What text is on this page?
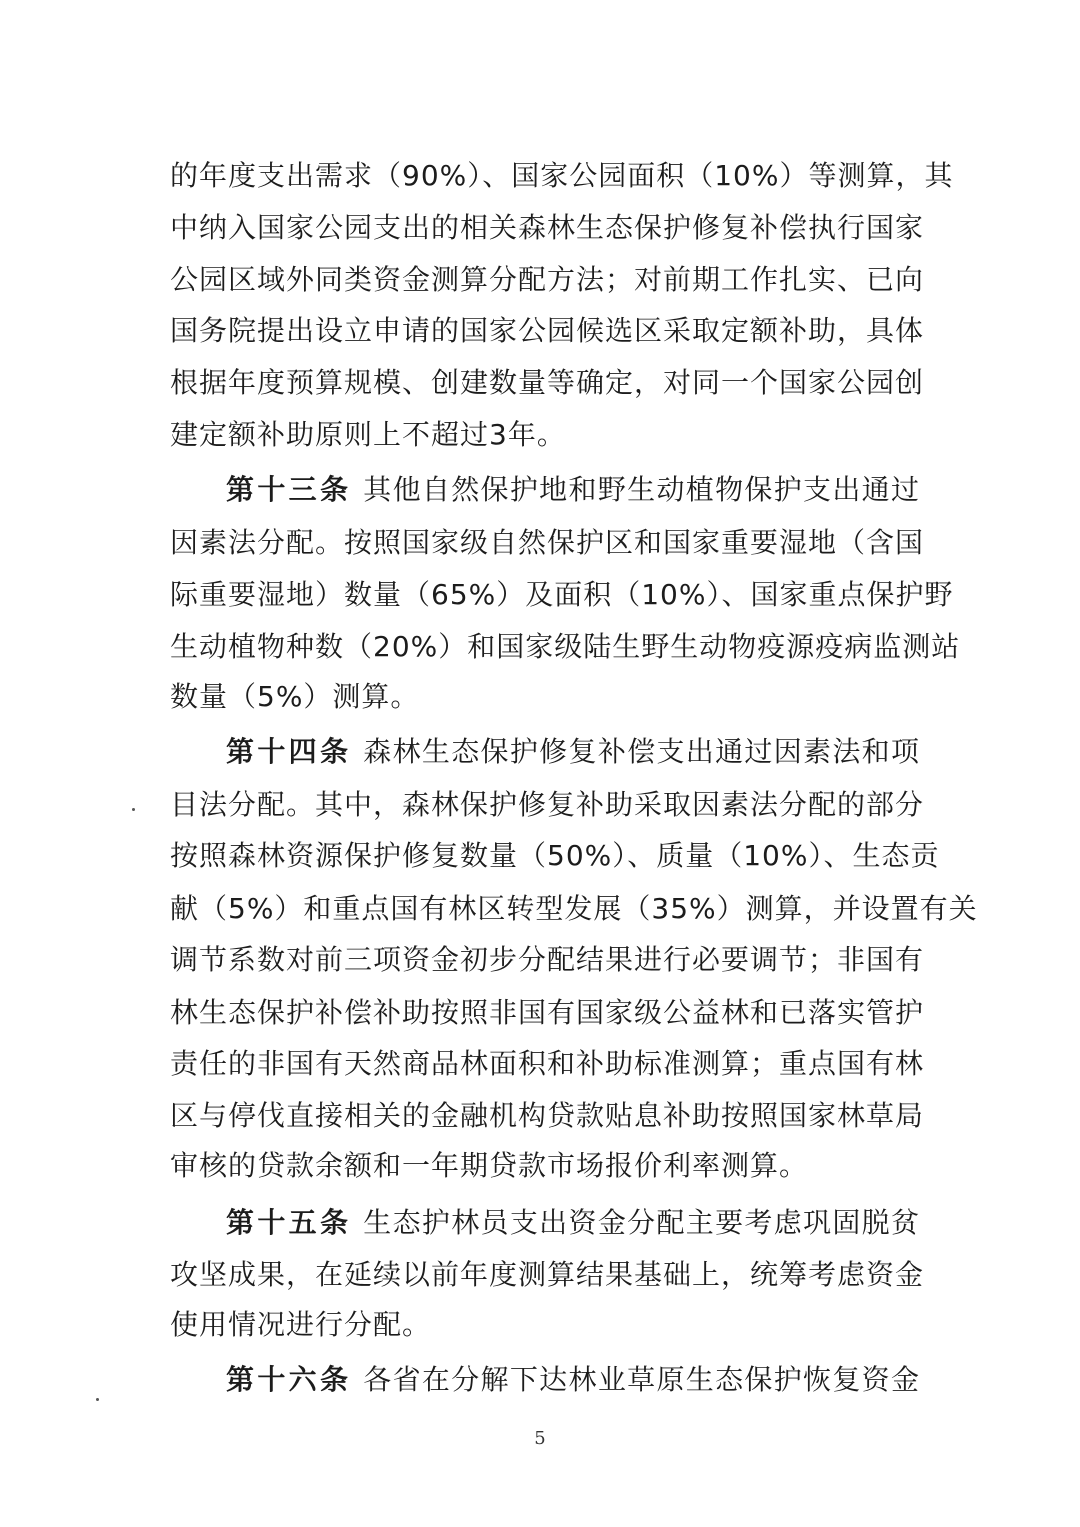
的年度支出需求（90%）、国家公园面积（10%）等测算，其
中纳入国家公园支出的相关森林生态保护修复补偿执行国家
公园区域外同类资金测算分配方法；对前期工作扎实、已向
国务院提出设立申请的国家公园候选区采取定额补助，具体
根据年度预算规模、创建数量等确定，对同一个国家公园创
建定额补助原则上不超过3年。
第十三条 其他自然保护地和野生动植物保护支出通过
因素法分配。按照国家级自然保护区和国家重要湿地（含国
际重要湿地）数量（65%）及面积（10%）、国家重点保护野
生动植物种数（20%）和国家级陆生野生动物疫源疫病监测站
数量（5%）测算。
第十四条 森林生态保护修复补偿支出通过因素法和项
目法分配。其中，森林保护修复补助采取因素法分配的部分
按照森林资源保护修复数量（50%）、质量（10%）、生态贡
献（5%）和重点国有林区转型发展（35%）测算，并设置有关
调节系数对前三项资金初步分配结果进行必要调节；非国有
林生态保护补偿补助按照非国有国家级公益林和已落实管护
责任的非国有天然商品林面积和补助标准测算；重点国有林
区与停伐直接相关的金融机构贷款贴息补助按照国家林草局
审核的贷款余额和一年期贷款市场报价利率测算。
第十五条 生态护林员支出资金分配主要考虑巩固脱贫
攻坚成果，在延续以前年度测算结果基础上，统筹考虑资金
使用情况进行分配。
第十六条 各省在分解下达林业草原生态保护恢复资金
5
